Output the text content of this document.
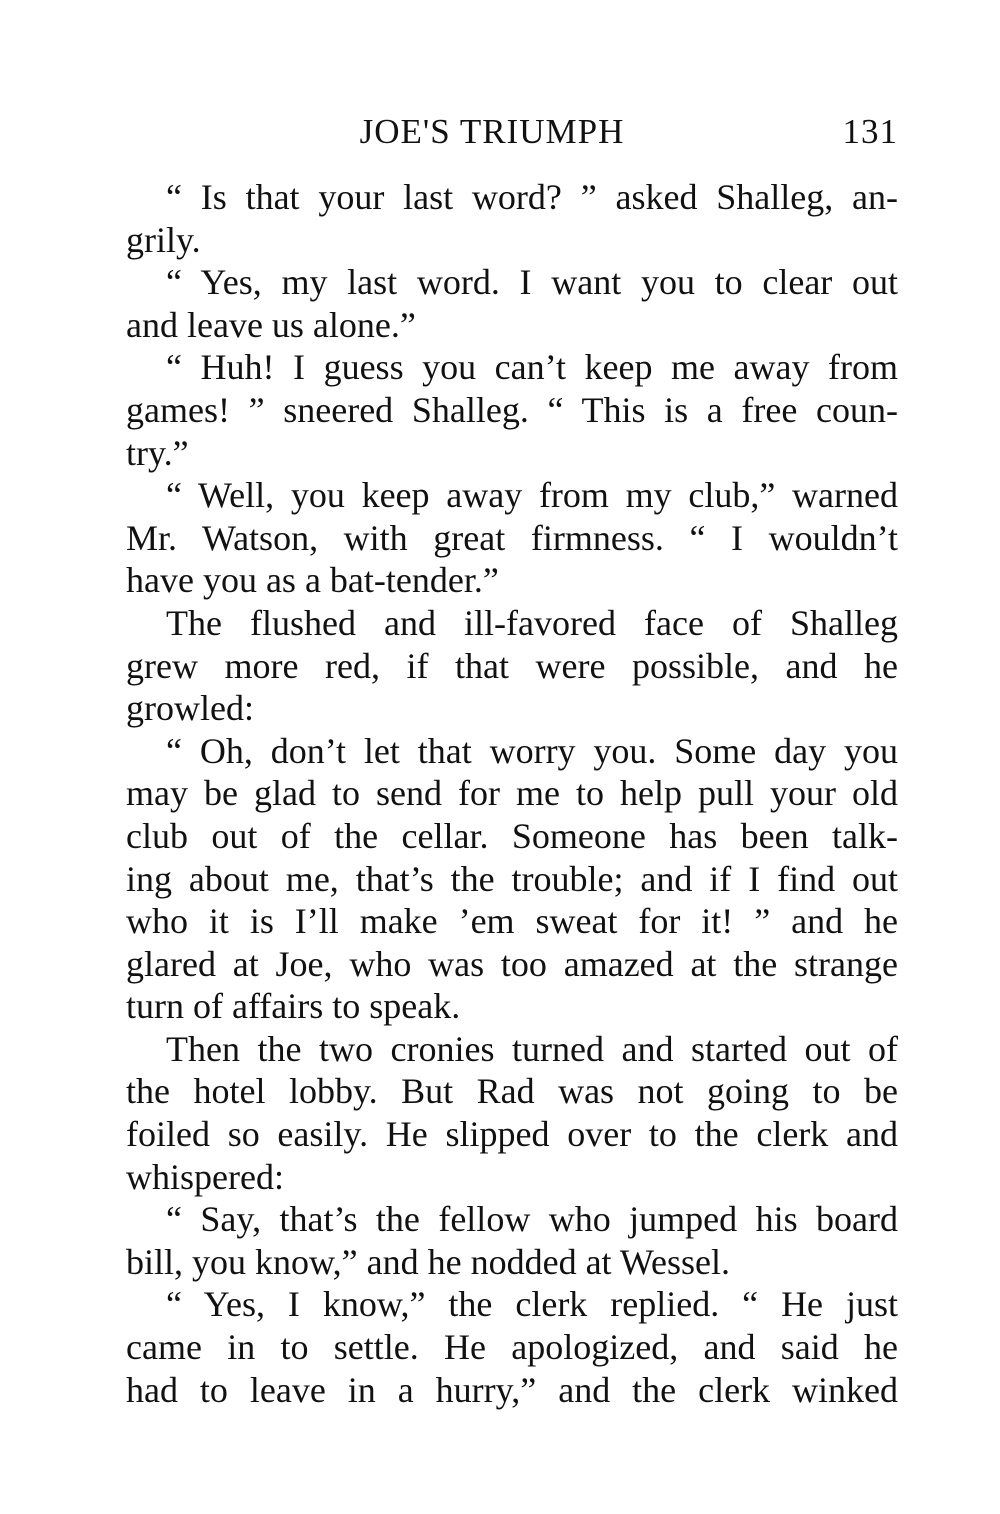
JOE'S TRIUMPH	131
“ Is that your last word? ” asked Shalleg, an-
grily.
“ Yes, my last word. I want you to clear out
and leave us alone.”
“ Huh! I guess you can’t keep me away from
games! ” sneered Shalleg. “ This is a free coun-
try.”
“ Well, you keep away from my club,” warned
Mr. Watson, with great firmness. “ I wouldn’t
have you as a bat-tender.”
The flushed and ill-favored face of Shalleg
grew more red, if that were possible, and he
growled:
“ Oh, don’t let that worry you. Some day you
may be glad to send for me to help pull your old
club out of the cellar. Someone has been talk-
ing about me, that’s the trouble; and if I find out
who it is I’ll make ’em sweat for it! ” and he
glared at Joe, who was too amazed at the strange
turn of affairs to speak.
Then the two cronies turned and started out of
the hotel lobby. But Rad was not going to be
foiled so easily. He slipped over to the clerk and
whispered:
“ Say, that’s the fellow who jumped his board
bill, you know,” and he nodded at Wessel.
“ Yes, I know,” the clerk replied. “ He just
came in to settle. He apologized, and said he
had to leave in a hurry,” and the clerk winked
